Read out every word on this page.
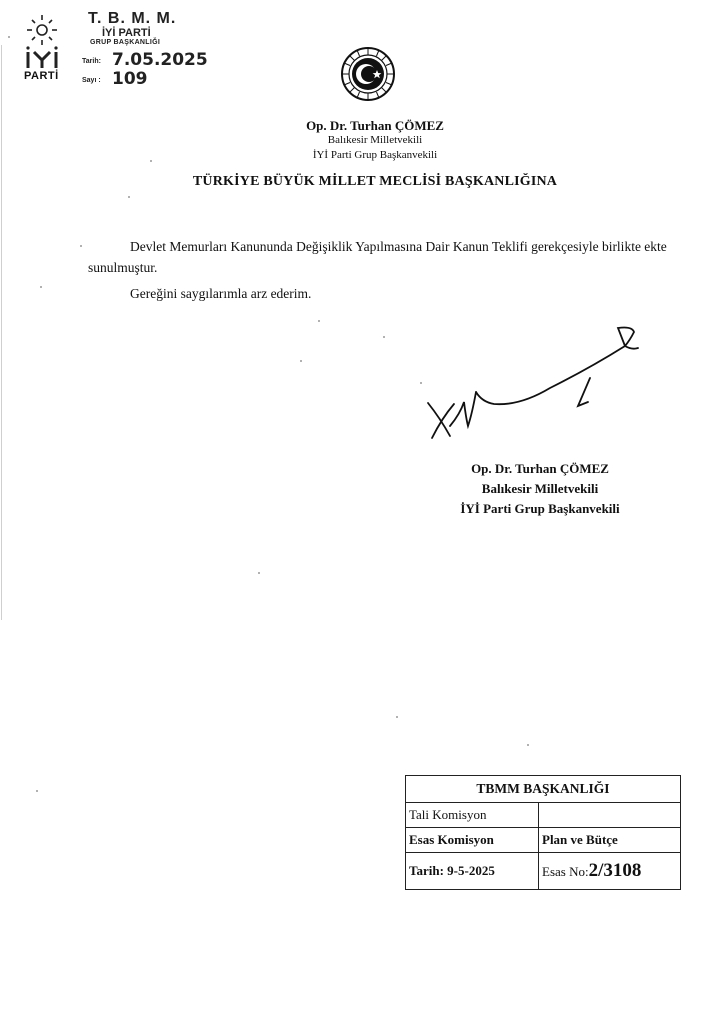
PARTİ
T. B. M. M.
İYİ PARTİ
GRUP BAŞKANLIĞI
Tarih: 7.05.2025
Sayı : 109
Op. Dr. Turhan ÇÖMEZ
Balıkesir Milletvekili
İYİ Parti Grup Başkanvekili
TÜRKİYE BÜYÜK MİLLET MECLİSİ BAŞKANLIĞINA
Devlet Memurları Kanununda Değişiklik Yapılmasına Dair Kanun Teklifi gerekçesiyle birlikte ekte sunulmuştur.
Gereğini saygılarımla arz ederim.
Op. Dr. Turhan ÇÖMEZ
Balıkesir Milletvekili
İYİ Parti Grup Başkanvekili
TBMM BAŞKANLIĞI	
Tali Komisyon	
Esas Komisyon	Plan ve Bütçe
Tarih: 9-5-2025	Esas No:2/3108
